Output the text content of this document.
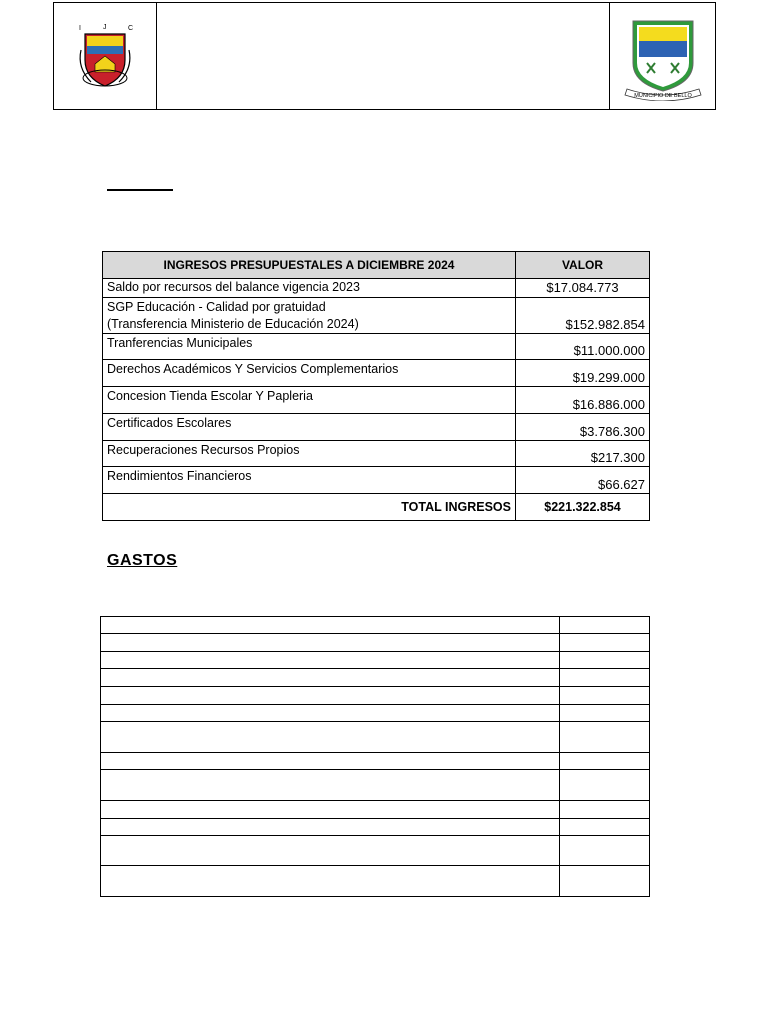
I	J	C
MUNICIPIO DE BELLO
INGRESOS PRESUPUESTALES A DICIEMBRE 2024	VALOR
Saldo por recursos del balance vigencia 2023	$17.084.773
SGP Educación - Calidad por gratuidad
(Transferencia Ministerio de Educación 2024)	$152.982.854
Tranferencias Municipales	$11.000.000
Derechos Académicos Y Servicios Complementarios	$19.299.000
Concesion Tienda Escolar Y Papleria	$16.886.000
Certificados Escolares	$3.786.300
Recuperaciones Recursos Propios	$217.300
Rendimientos Financieros	$66.627
TOTAL INGRESOS	$221.322.854
GASTOS
